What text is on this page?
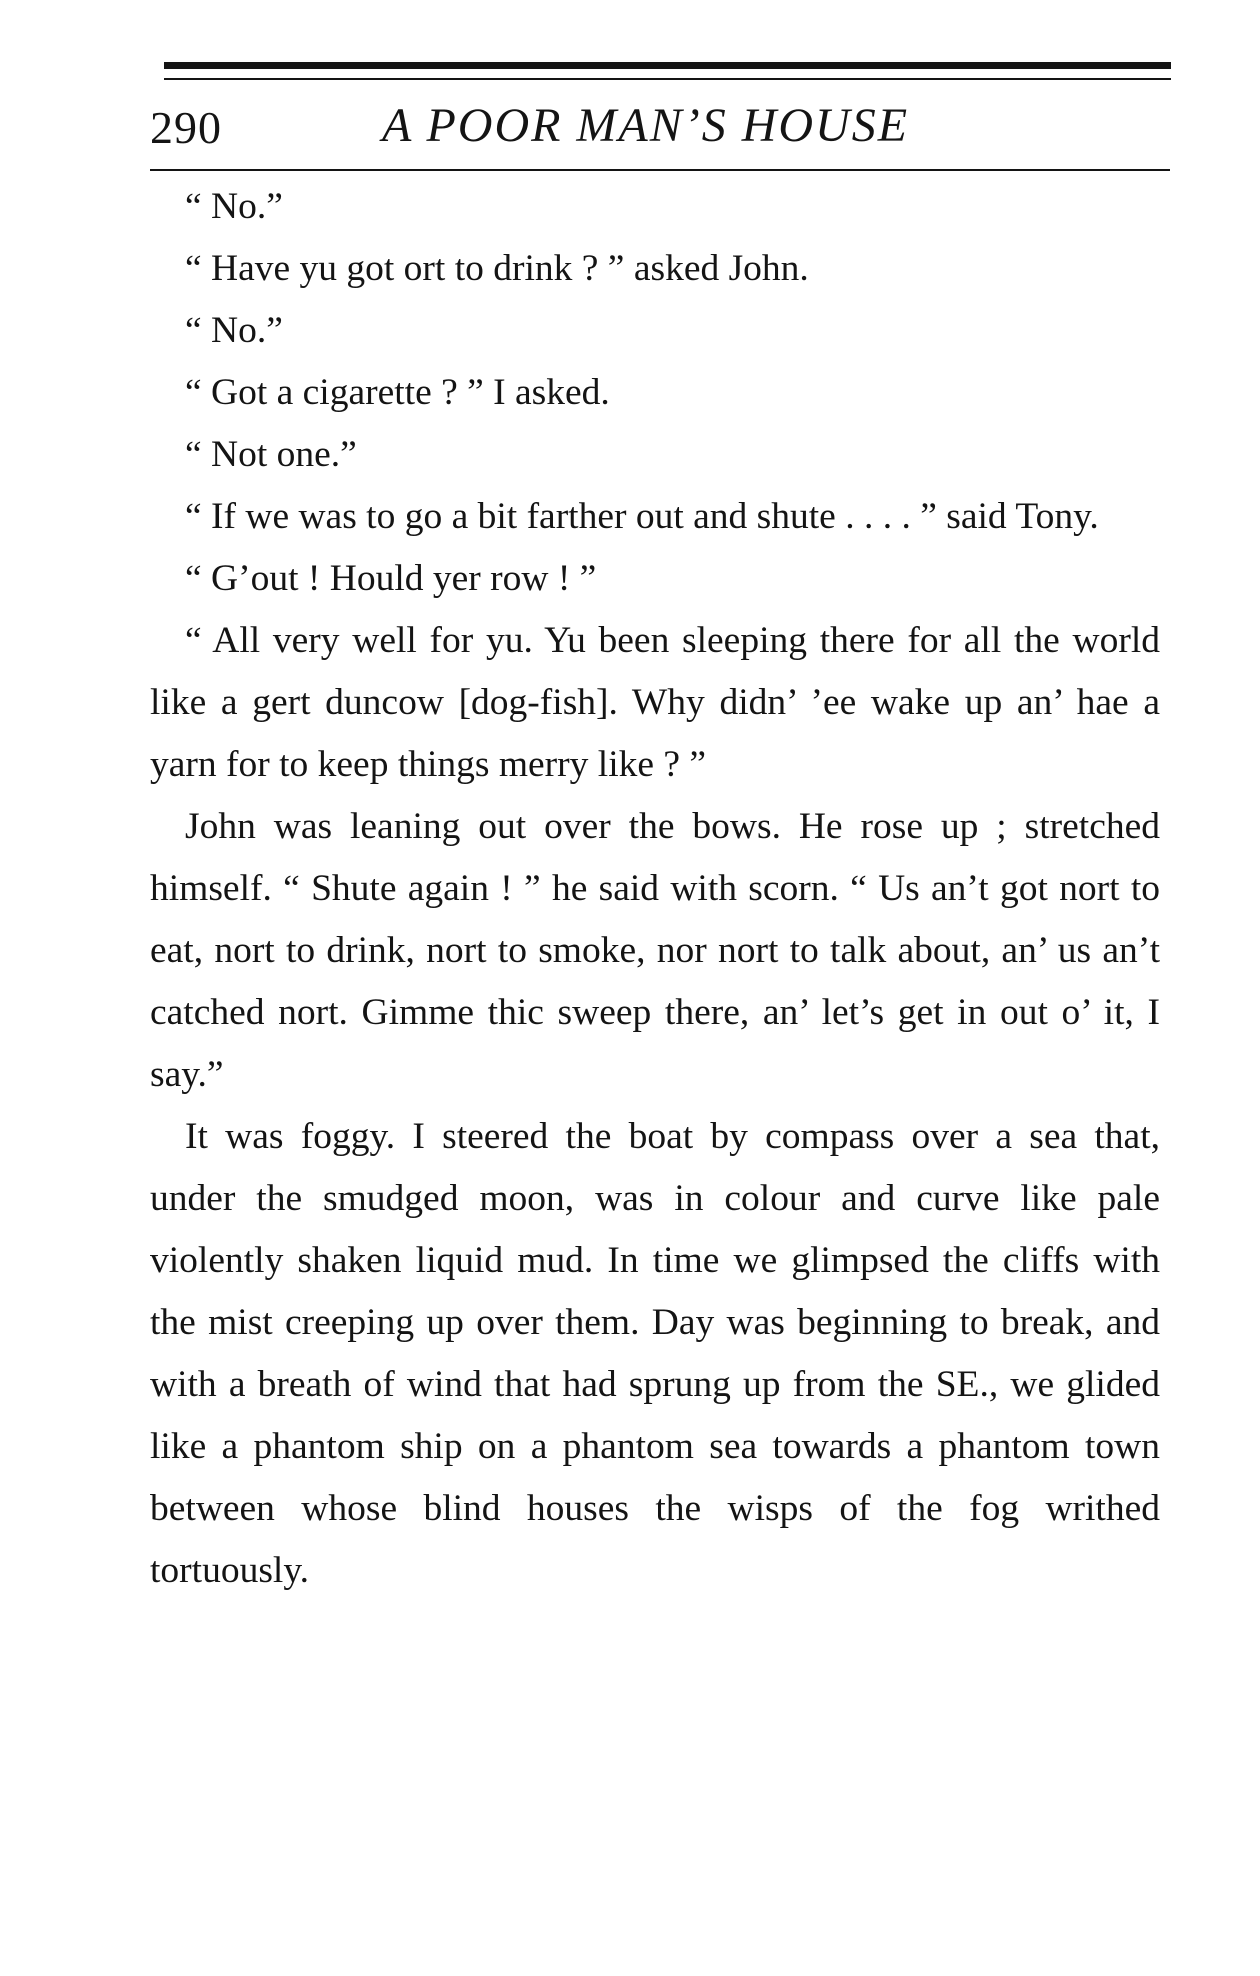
290	A POOR MAN’S HOUSE

“ No.”

“ Have yu got ort to drink ? ” asked John.

“ No.”

“ Got a cigarette ? ” I asked.

“ Not one.”

“ If we was to go a bit farther out and shute . . . . ” said Tony.

“ G’out ! Hould yer row ! ”

“ All very well for yu. Yu been sleeping there for all the world like a gert duncow [dog-fish]. Why didn’ ’ee wake up an’ hae a yarn for to keep things merry like ? ”

John was leaning out over the bows. He rose up ; stretched himself. “ Shute again ! ” he said with scorn. “ Us an’t got nort to eat, nort to drink, nort to smoke, nor nort to talk about, an’ us an’t catched nort. Gimme thic sweep there, an’ let’s get in out o’ it, I say.”

It was foggy. I steered the boat by compass over a sea that, under the smudged moon, was in colour and curve like pale violently shaken liquid mud. In time we glimpsed the cliffs with the mist creeping up over them. Day was beginning to break, and with a breath of wind that had sprung up from the SE., we glided like a phantom ship on a phantom sea towards a phantom town between whose blind houses the wisps of the fog writhed tortuously.
